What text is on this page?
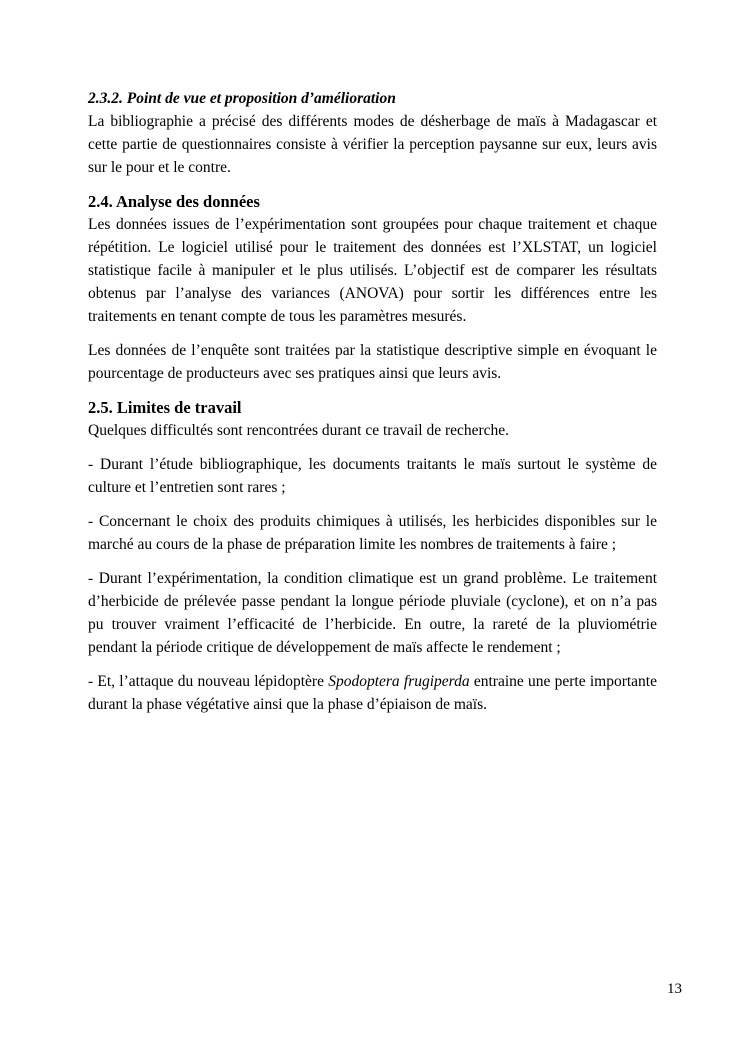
2.3.2. Point de vue et proposition d’amélioration

La bibliographie a précisé des différents modes de désherbage de maïs à Madagascar et cette partie de questionnaires consiste à vérifier la perception paysanne sur eux, leurs avis sur le pour et le contre.

2.4. Analyse des données

Les données issues de l’expérimentation sont groupées pour chaque traitement et chaque répétition. Le logiciel utilisé pour le traitement des données est l’XLSTAT, un logiciel statistique facile à manipuler et le plus utilisés. L’objectif est de comparer les résultats obtenus par l’analyse des variances (ANOVA) pour sortir les différences entre les traitements en tenant compte de tous les paramètres mesurés.

Les données de l’enquête sont traitées par la statistique descriptive simple en évoquant le pourcentage de producteurs avec ses pratiques ainsi que leurs avis.

2.5. Limites de travail

Quelques difficultés sont rencontrées durant ce travail de recherche.

- Durant l’étude bibliographique, les documents traitants le maïs surtout le système de culture et l’entretien sont rares ;

- Concernant le choix des produits chimiques à utilisés, les herbicides disponibles sur le marché au cours de la phase de préparation limite les nombres de traitements à faire ;

- Durant l’expérimentation, la condition climatique est un grand problème. Le traitement d’herbicide de prélevée passe pendant la longue période pluviale (cyclone), et on n’a pas pu trouver vraiment l’efficacité de l’herbicide. En outre, la rareté de la pluviométrie pendant la période critique de développement de maïs affecte le rendement ;

- Et, l’attaque du nouveau lépidoptère Spodoptera frugiperda entraine une perte importante durant la phase végétative ainsi que la phase d’épiaison de maïs.

13
